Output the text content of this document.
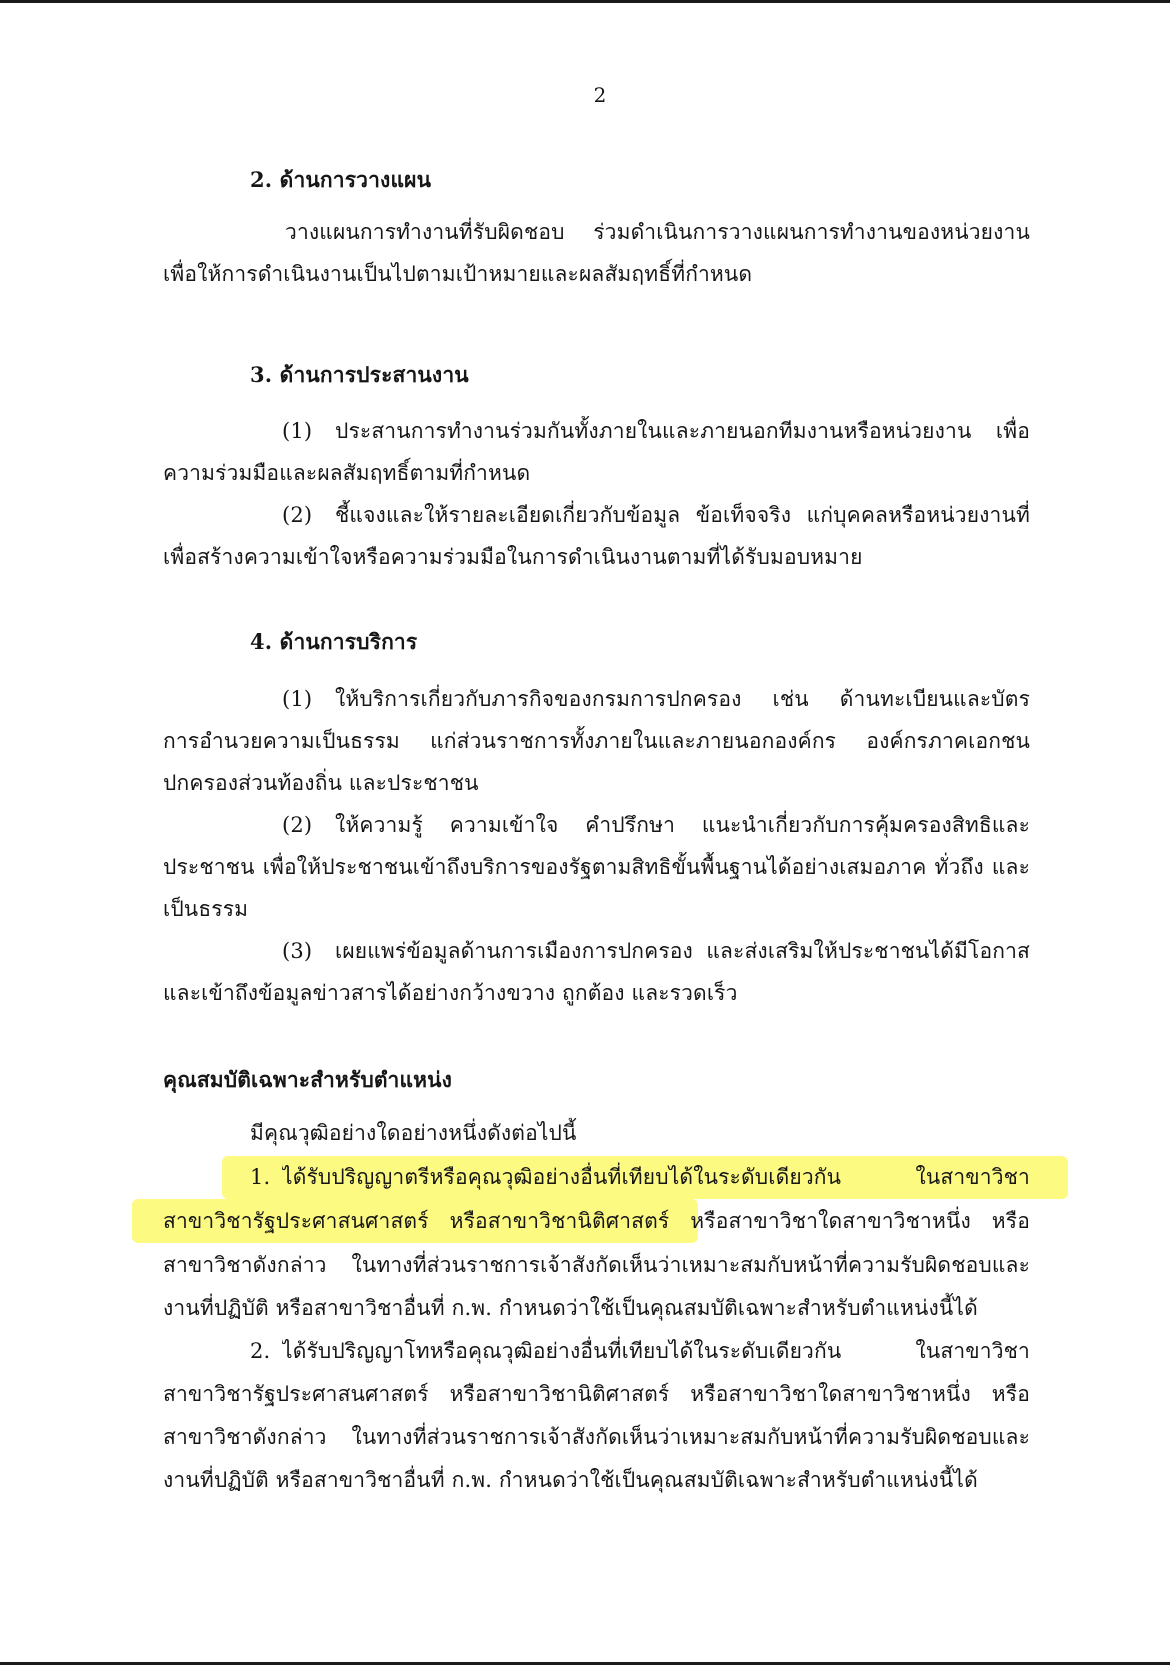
2
2. ด้านการวางแผน
วางแผนการทำงานที่รับผิดชอบ ร่วมดำเนินการวางแผนการทำงานของหน่วยงาน
เพื่อให้การดำเนินงานเป็นไปตามเป้าหมายและผลสัมฤทธิ์ที่กำหนด
3. ด้านการประสานงาน
(1) ประสานการทำงานร่วมกันทั้งภายในและภายนอกทีมงานหรือหน่วยงาน เพื่อ
ความร่วมมือและผลสัมฤทธิ์ตามที่กำหนด
(2) ชี้แจงและให้รายละเอียดเกี่ยวกับข้อมูล ข้อเท็จจริง แก่บุคคลหรือหน่วยงานที่
เพื่อสร้างความเข้าใจหรือความร่วมมือในการดำเนินงานตามที่ได้รับมอบหมาย
4. ด้านการบริการ
(1) ให้บริการเกี่ยวกับภารกิจของกรมการปกครอง เช่น ด้านทะเบียนและบัตร
การอำนวยความเป็นธรรม แก่ส่วนราชการทั้งภายในและภายนอกองค์กร องค์กรภาคเอกชน
ปกครองส่วนท้องถิ่น และประชาชน
(2) ให้ความรู้ ความเข้าใจ คำปรึกษา แนะนำเกี่ยวกับการคุ้มครองสิทธิและ
ประชาชน เพื่อให้ประชาชนเข้าถึงบริการของรัฐตามสิทธิขั้นพื้นฐานได้อย่างเสมอภาค ทั่วถึง และ
เป็นธรรม
(3) เผยแพร่ข้อมูลด้านการเมืองการปกครอง และส่งเสริมให้ประชาชนได้มีโอกาส
และเข้าถึงข้อมูลข่าวสารได้อย่างกว้างขวาง ถูกต้อง และรวดเร็ว
คุณสมบัติเฉพาะสำหรับตำแหน่ง
มีคุณวุฒิอย่างใดอย่างหนึ่งดังต่อไปนี้
1. ได้รับปริญญาตรีหรือคุณวุฒิอย่างอื่นที่เทียบได้ในระดับเดียวกัน ในสาขาวิชา
สาขาวิชารัฐประศาสนศาสตร์ หรือสาขาวิชานิติศาสตร์ หรือสาขาวิชาใดสาขาวิชาหนึ่ง หรือ
สาขาวิชาดังกล่าว ในทางที่ส่วนราชการเจ้าสังกัดเห็นว่าเหมาะสมกับหน้าที่ความรับผิดชอบและ
งานที่ปฏิบัติ หรือสาขาวิชาอื่นที่ ก.พ. กำหนดว่าใช้เป็นคุณสมบัติเฉพาะสำหรับตำแหน่งนี้ได้
2. ได้รับปริญญาโทหรือคุณวุฒิอย่างอื่นที่เทียบได้ในระดับเดียวกัน ในสาขาวิชา
สาขาวิชารัฐประศาสนศาสตร์ หรือสาขาวิชานิติศาสตร์ หรือสาขาวิชาใดสาขาวิชาหนึ่ง หรือ
สาขาวิชาดังกล่าว ในทางที่ส่วนราชการเจ้าสังกัดเห็นว่าเหมาะสมกับหน้าที่ความรับผิดชอบและ
งานที่ปฏิบัติ หรือสาขาวิชาอื่นที่ ก.พ. กำหนดว่าใช้เป็นคุณสมบัติเฉพาะสำหรับตำแหน่งนี้ได้
